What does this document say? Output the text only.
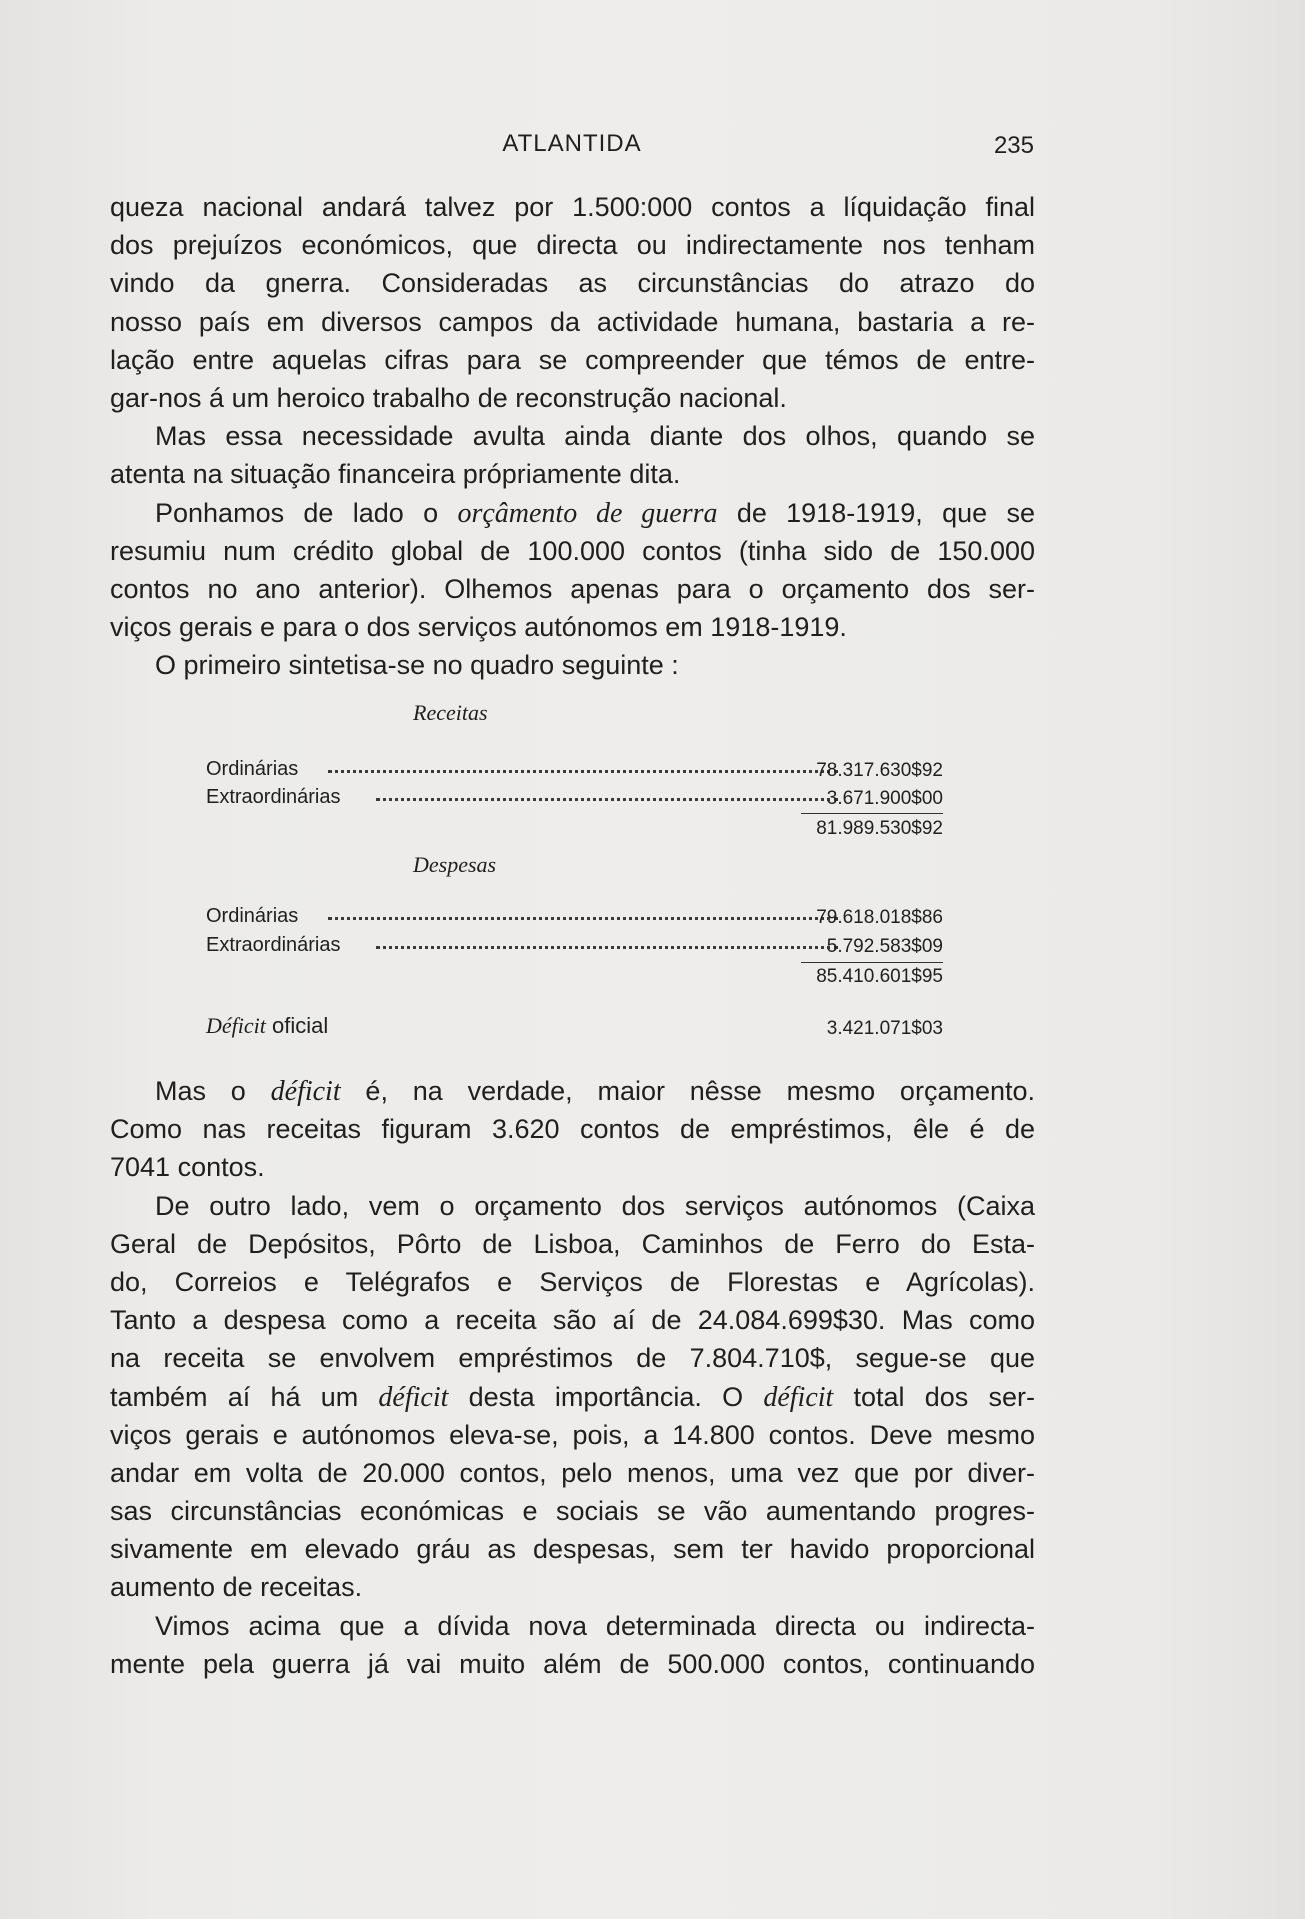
ATLANTIDA	235
queza nacional andará talvez por 1.500:000 contos a líquidação final
dos prejuízos económicos, que directa ou indirectamente nos tenham
vindo da gnerra. Consideradas as circunstâncias do atrazo do
nosso país em diversos campos da actividade humana, bastaria a re-
lação entre aquelas cifras para se compreender que témos de entre-
gar-nos á um heroico trabalho de reconstrução nacional.
Mas essa necessidade avulta ainda diante dos olhos, quando se
atenta na situação financeira própriamente dita.
Ponhamos de lado o orçâmento de guerra de 1918-1919, que se
resumiu num crédito global de 100.000 contos (tinha sido de 150.000
contos no ano anterior). Olhemos apenas para o orçamento dos ser-
viços gerais e para o dos serviços autónomos em 1918-1919.
O primeiro sintetisa-se no quadro seguinte :
Receitas
Ordinárias	78.317.630$92
Extraordinárias	3.671.900$00
81.989.530$92
Despesas
Ordinárias	79.618.018$86
Extraordinárias	5.792.583$09
85.410.601$95
Déficit oficial	3.421.071$03
Mas o déficit é, na verdade, maior nêsse mesmo orçamento.
Como nas receitas figuram 3.620 contos de empréstimos, êle é de
7041 contos.
De outro lado, vem o orçamento dos serviços autónomos (Caixa
Geral de Depósitos, Pôrto de Lisboa, Caminhos de Ferro do Esta-
do, Correios e Telégrafos e Serviços de Florestas e Agrícolas).
Tanto a despesa como a receita são aí de 24.084.699$30. Mas como
na receita se envolvem empréstimos de 7.804.710$, segue-se que
também aí há um déficit desta importância. O déficit total dos ser-
viços gerais e autónomos eleva-se, pois, a 14.800 contos. Deve mesmo
andar em volta de 20.000 contos, pelo menos, uma vez que por diver-
sas circunstâncias económicas e sociais se vão aumentando progres-
sivamente em elevado gráu as despesas, sem ter havido proporcional
aumento de receitas.
Vimos acima que a dívida nova determinada directa ou indirecta-
mente pela guerra já vai muito além de 500.000 contos, continuando
